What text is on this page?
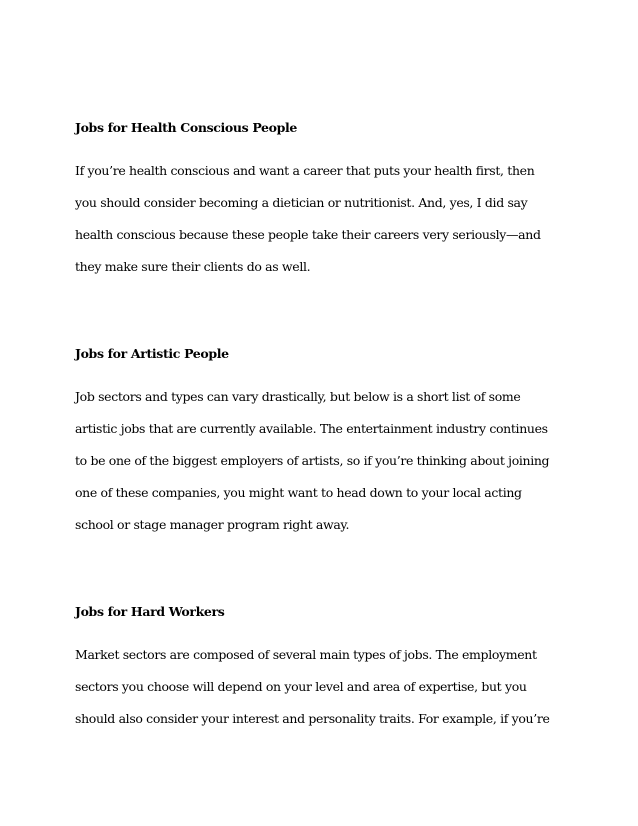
Jobs for Health Conscious People
If you’re health conscious and want a career that puts your health first, then
you should consider becoming a dietician or nutritionist. And, yes, I did say
health conscious because these people take their careers very seriously—and
they make sure their clients do as well.
Jobs for Artistic People
Job sectors and types can vary drastically, but below is a short list of some
artistic jobs that are currently available. The entertainment industry continues
to be one of the biggest employers of artists, so if you’re thinking about joining
one of these companies, you might want to head down to your local acting
school or stage manager program right away.
Jobs for Hard Workers
Market sectors are composed of several main types of jobs. The employment
sectors you choose will depend on your level and area of expertise, but you
should also consider your interest and personality traits. For example, if you’re
